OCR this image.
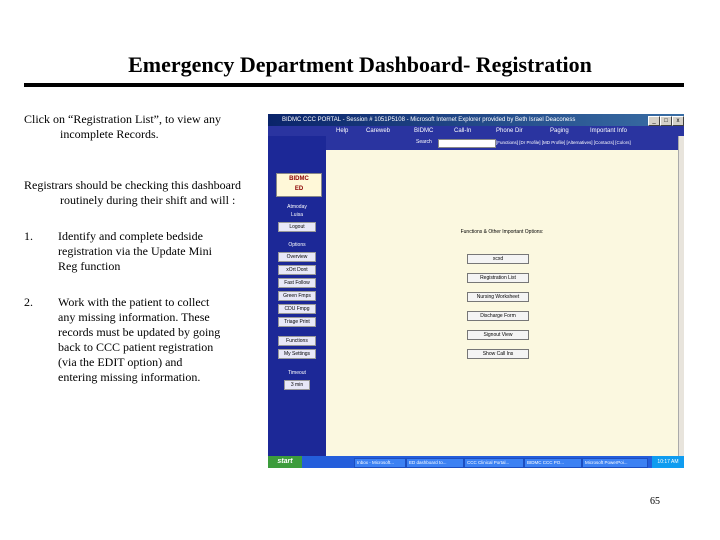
Emergency Department Dashboard- Registration
Click on “Registration List”, to view any incomplete Records.
Registrars should be checking this dashboard routinely during their shift and will :
1. Identify and complete bedside registration via the Update Mini Reg function
2. Work with the patient to collect any missing information. These records must be updated by going back to CCC patient registration (via the EDIT option) and entering missing information.
BIDMC CCC PORTAL - Session # 1051P5108 - Microsoft Internet Explorer provided by Beth Israel Deaconess	_	□	x
Help	Careweb	BIDMC	Call-In	Phone Dir	Paging	Important Info
Search	[Functions] [Dr Profile] [MD Profile] [Alternatives] [Contacts] [Colors]
BIDMC
ED
Atmoday
Luisa
Logout
Options
Overview
xOrt Dont
Fast Follow
Green Fmps
CDU Fmpg
Triage Print
Functions
My Settings
Timeout
3 min
Functions & Other Important Options:
xcxd
Registration List
Nursing Worksheet
Discharge Form
Signout View
Show Call Ins
start	Inbox - Microsoft...	ED dashboard to...	CCC Clinical Portal...	BIDMC CCC PO...	Microsoft PowerPoi...	10:17 AM
65
